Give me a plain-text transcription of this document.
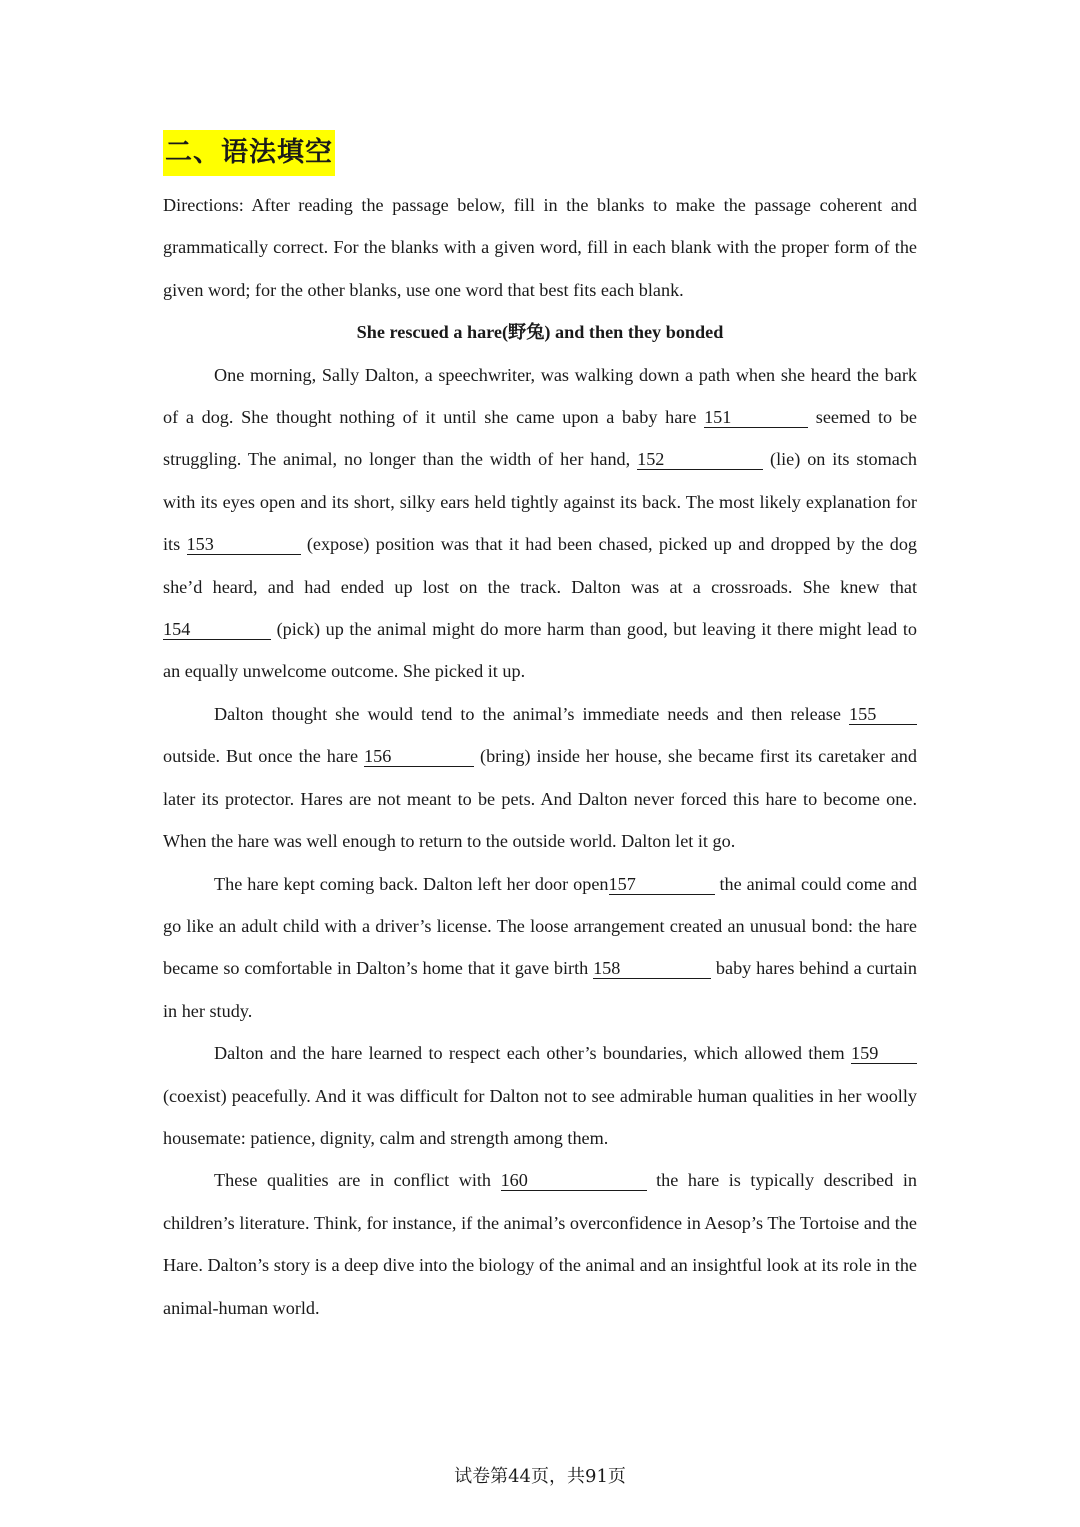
二、语法填空

Directions: After reading the passage below, fill in the blanks to make the passage coherent and grammatically correct. For the blanks with a given word, fill in each blank with the proper form of the given word; for the other blanks, use one word that best fits each blank.

She rescued a hare(野兔) and then they bonded

One morning, Sally Dalton, a speechwriter, was walking down a path when she heard the bark of a dog. She thought nothing of it until she came upon a baby hare 151	seemed to be struggling. The animal, no longer than the width of her hand, 152	(lie) on its stomach with its eyes open and its short, silky ears held tightly against its back. The most likely explanation for its 153	(expose) position was that it had been chased, picked up and dropped by the dog she’d heard, and had ended up lost on the track. Dalton was at a crossroads. She knew that 154	(pick) up the animal might do more harm than good, but leaving it there might lead to an equally unwelcome outcome. She picked it up.

Dalton thought she would tend to the animal’s immediate needs and then release 155 outside. But once the hare 156	(bring) inside her house, she became first its caretaker and later its protector. Hares are not meant to be pets. And Dalton never forced this hare to become one. When the hare was well enough to return to the outside world. Dalton let it go.

The hare kept coming back. Dalton left her door open157	the animal could come and go like an adult child with a driver’s license. The loose arrangement created an unusual bond: the hare became so comfortable in Dalton’s home that it gave birth 158	baby hares behind a curtain in her study.

Dalton and the hare learned to respect each other’s boundaries, which allowed them 159 (coexist) peacefully. And it was difficult for Dalton not to see admirable human qualities in her woolly housemate: patience, dignity, calm and strength among them.

These qualities are in conflict with 160	the hare is typically described in children’s literature. Think, for instance, if the animal’s overconfidence in Aesop’s The Tortoise and the Hare. Dalton’s story is a deep dive into the biology of the animal and an insightful look at its role in the animal-human world.

试卷第44页，共91页
